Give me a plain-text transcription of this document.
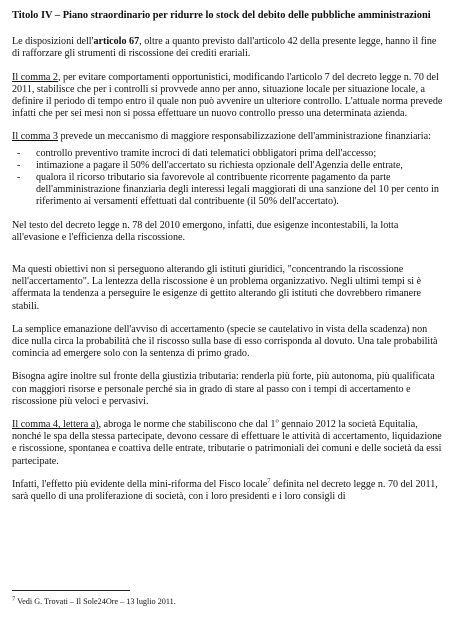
Titolo IV – Piano straordinario per ridurre lo stock del debito delle pubbliche amministrazioni

Le disposizioni dell'articolo 67, oltre a quanto previsto dall'articolo 42 della presente legge, hanno il fine di rafforzare gli strumenti di riscossione dei crediti erariali.

Il comma 2, per evitare comportamenti opportunistici, modificando l'articolo 7 del decreto legge n. 70 del 2011, stabilisce che per i controlli si provvede anno per anno, situazione locale per situazione locale, a definire il periodo di tempo entro il quale non può avvenire un ulteriore controllo. L'attuale norma prevede infatti che per sei mesi non si possa effettuare un nuovo controllo presso una determinata azienda.

Il comma 3 prevede un meccanismo di maggiore responsabilizzazione dell'amministrazione finanziaria:

- controllo preventivo tramite incroci di dati telematici obbligatori prima dell'accesso;
- intimazione a pagare il 50% dell'accertato su richiesta opzionale dell'Agenzia delle entrate,
- qualora il ricorso tributario sia favorevole al contribuente ricorrente pagamento da parte dell'amministrazione finanziaria degli interessi legali maggiorati di una sanzione del 10 per cento in riferimento ai versamenti effettuati dal contribuente (il 50% dell'accertato).

Nel testo del decreto legge n. 78 del 2010 emergono, infatti, due esigenze incontestabili, la lotta all'evasione e l'efficienza della riscossione.

Ma questi obiettivi non si perseguono alterando gli istituti giuridici, "concentrando la riscossione nell'accertamento". La lentezza della riscossione è un problema organizzativo. Negli ultimi tempi si è affermata la tendenza a perseguire le esigenze di gettito alterando gli istituti che dovrebbero rimanere stabili.

La semplice emanazione dell'avviso di accertamento (specie se cautelativo in vista della scadenza) non dice nulla circa la probabilità che il riscosso sulla base di esso corrisponda al dovuto. Una tale probabilità comincia ad emergere solo con la sentenza di primo grado.

Bisogna agire inoltre sul fronte della giustizia tributaria: renderla più forte, più autonoma, più qualificata con maggiori risorse e personale perché sia in grado di stare al passo con i tempi di accertamento e riscossione più veloci e pervasivi.

Il comma 4, lettera a), abroga le norme che stabiliscono che dal 1$^o$ gennaio 2012 la società Equitalia, nonché le spa della stessa partecipate, devono cessare di effettuare le attività di accertamento, liquidazione e riscossione, spontanea e coattiva delle entrate, tributarie o patrimoniali dei comuni e delle società da essi partecipate.

Infatti, l'effetto più evidente della mini-riforma del Fisco locale$^7$ definita nel decreto legge n. 70 del 2011, sarà quello di una proliferazione di società, con i loro presidenti e i loro consigli di

$^7$ Vedi G. Trovati – Il Sole24Ore – 13 luglio 2011.
